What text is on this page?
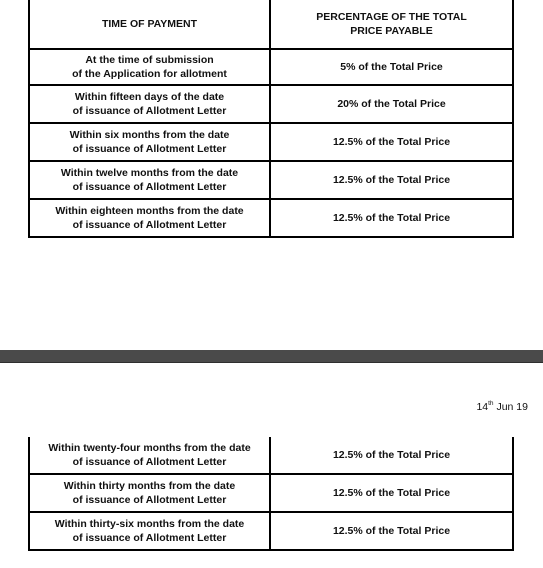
TIME OF PAYMENT	PERCENTAGE OF THE TOTAL
PRICE PAYABLE

At the time of submission
of the Application for allotment	5% of the Total Price

Within fifteen days of the date
of issuance of Allotment Letter	20% of the Total Price

Within six months from the date
of issuance of Allotment Letter	12.5% of the Total Price

Within twelve months from the date
of issuance of Allotment Letter	12.5% of the Total Price

Within eighteen months from the date
of issuance of Allotment Letter	12.5% of the Total Price
14th Jun 19
Within twenty-four months from the date
of issuance of Allotment Letter	12.5% of the Total Price

Within thirty months from the date
of issuance of Allotment Letter	12.5% of the Total Price

Within thirty-six months from the date
of issuance of Allotment Letter	12.5% of the Total Price
